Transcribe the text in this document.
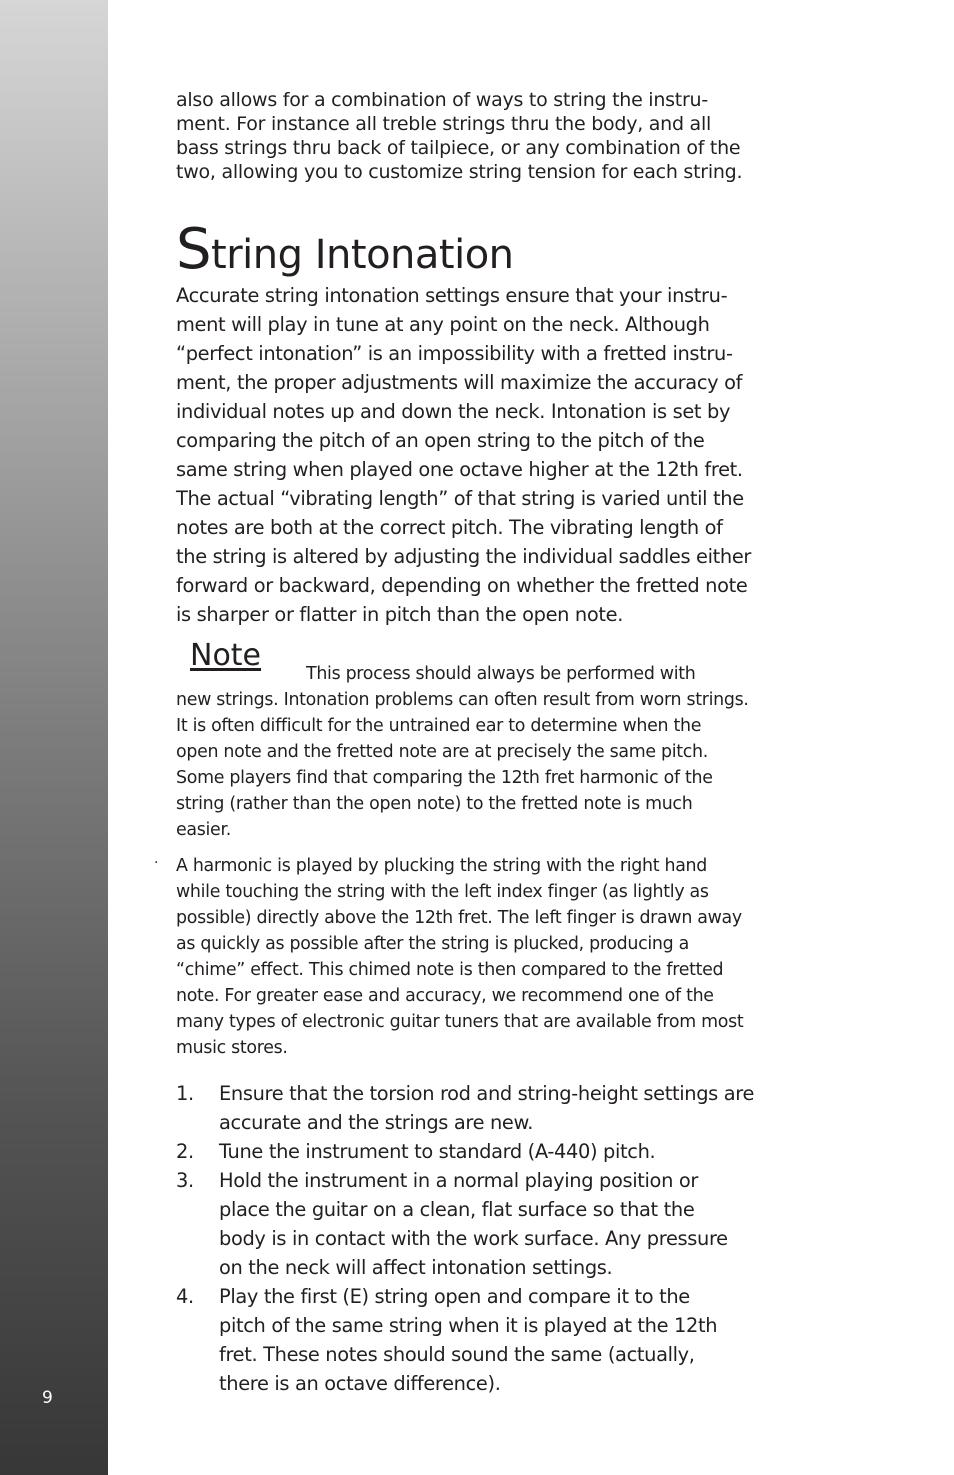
9

also allows for a combination of ways to string the instru-
ment. For instance all treble strings thru the body, and all
bass strings thru back of tailpiece, or any combination of the
two, allowing you to customize string tension for each string.

String Intonation

Accurate string intonation settings ensure that your instru-
ment will play in tune at any point on the neck. Although
“perfect intonation” is an impossibility with a fretted instru-
ment, the proper adjustments will maximize the accuracy of
individual notes up and down the neck. Intonation is set by
comparing the pitch of an open string to the pitch of the
same string when played one octave higher at the 12th fret.
The actual “vibrating length” of that string is varied until the
notes are both at the correct pitch. The vibrating length of
the string is altered by adjusting the individual saddles either
forward or backward, depending on whether the fretted note
is sharper or flatter in pitch than the open note.

Note

This process should always be performed with
new strings. Intonation problems can often result from worn strings.
It is often difficult for the untrained ear to determine when the
open note and the fretted note are at precisely the same pitch.
Some players find that comparing the 12th fret harmonic of the
string (rather than the open note) to the fretted note is much
easier.

· A harmonic is played by plucking the string with the right hand
while touching the string with the left index finger (as lightly as
possible) directly above the 12th fret. The left finger is drawn away
as quickly as possible after the string is plucked, producing a
“chime” effect. This chimed note is then compared to the fretted
note. For greater ease and accuracy, we recommend one of the
many types of electronic guitar tuners that are available from most
music stores.

1. Ensure that the torsion rod and string-height settings are
accurate and the strings are new.
2. Tune the instrument to standard (A-440) pitch.
3. Hold the instrument in a normal playing position or
place the guitar on a clean, flat surface so that the
body is in contact with the work surface. Any pressure
on the neck will affect intonation settings.
4. Play the first (E) string open and compare it to the
pitch of the same string when it is played at the 12th
fret. These notes should sound the same (actually,
there is an octave difference).
